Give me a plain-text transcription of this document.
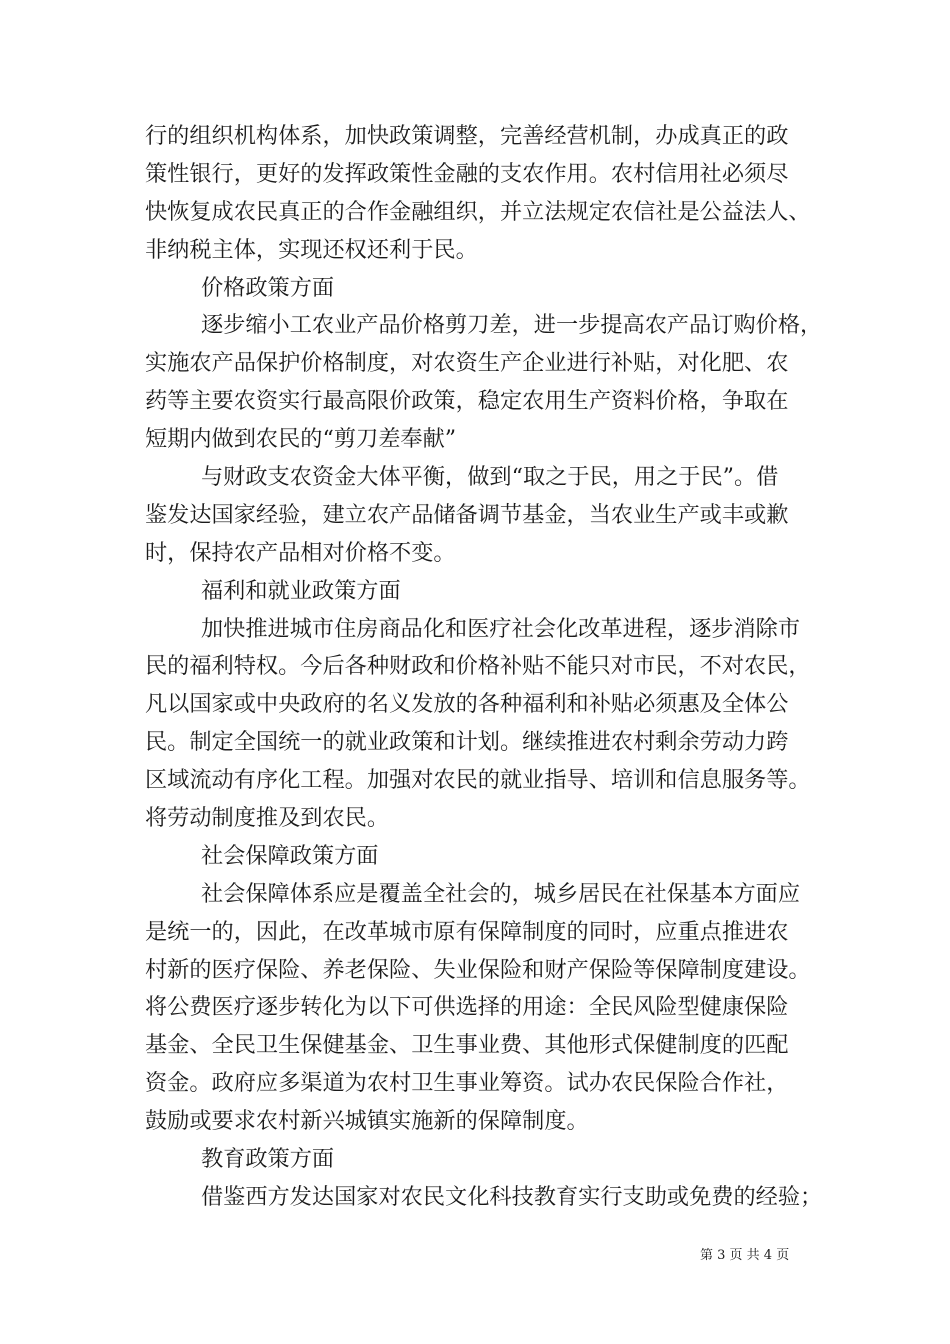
行的组织机构体系，加快政策调整，完善经营机制，办成真正的政
策性银行，更好的发挥政策性金融的支农作用。农村信用社必须尽
快恢复成农民真正的合作金融组织，并立法规定农信社是公益法人、
非纳税主体，实现还权还利于民。
价格政策方面
逐步缩小工农业产品价格剪刀差，进一步提高农产品订购价格，
实施农产品保护价格制度，对农资生产企业进行补贴，对化肥、农
药等主要农资实行最高限价政策，稳定农用生产资料价格，争取在
短期内做到农民的“剪刀差奉献”
与财政支农资金大体平衡，做到“取之于民，用之于民”。借
鉴发达国家经验，建立农产品储备调节基金，当农业生产或丰或歉
时，保持农产品相对价格不变。
福利和就业政策方面
加快推进城市住房商品化和医疗社会化改革进程，逐步消除市
民的福利特权。今后各种财政和价格补贴不能只对市民，不对农民，
凡以国家或中央政府的名义发放的各种福利和补贴必须惠及全体公
民。制定全国统一的就业政策和计划。继续推进农村剩余劳动力跨
区域流动有序化工程。加强对农民的就业指导、培训和信息服务等。
将劳动制度推及到农民。
社会保障政策方面
社会保障体系应是覆盖全社会的，城乡居民在社保基本方面应
是统一的，因此，在改革城市原有保障制度的同时，应重点推进农
村新的医疗保险、养老保险、失业保险和财产保险等保障制度建设。
将公费医疗逐步转化为以下可供选择的用途：全民风险型健康保险
基金、全民卫生保健基金、卫生事业费、其他形式保健制度的匹配
资金。政府应多渠道为农村卫生事业筹资。试办农民保险合作社，
鼓励或要求农村新兴城镇实施新的保障制度。
教育政策方面
借鉴西方发达国家对农民文化科技教育实行支助或免费的经验；
第 3 页 共 4 页
